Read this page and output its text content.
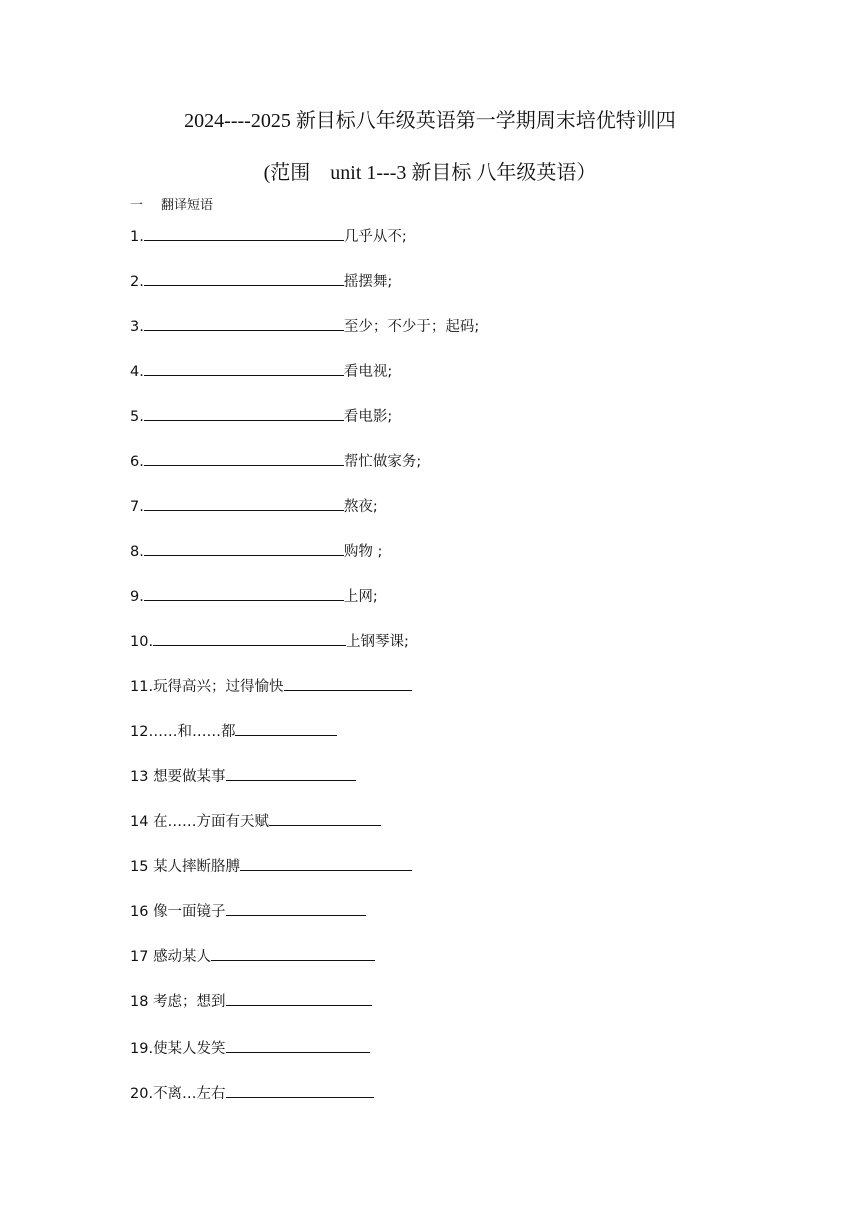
2024----2025 新目标八年级英语第一学期周末培优特训四
(范围　unit 1---3 新目标 八年级英语）
一 翻译短语
1.	几乎从不;
2.	摇摆舞;
3.	至少；不少于；起码;
4.	看电视;
5.	看电影;
6.	帮忙做家务;
7.	熬夜;
8.	购物 ;
9.	上网;
10.	上钢琴课;
11.玩得高兴；过得愉快
12……和……都
13 想要做某事
14 在……方面有天赋
15 某人摔断胳膊
16 像一面镜子
17 感动某人
18 考虑；想到
19.使某人发笑
20.不离…左右
